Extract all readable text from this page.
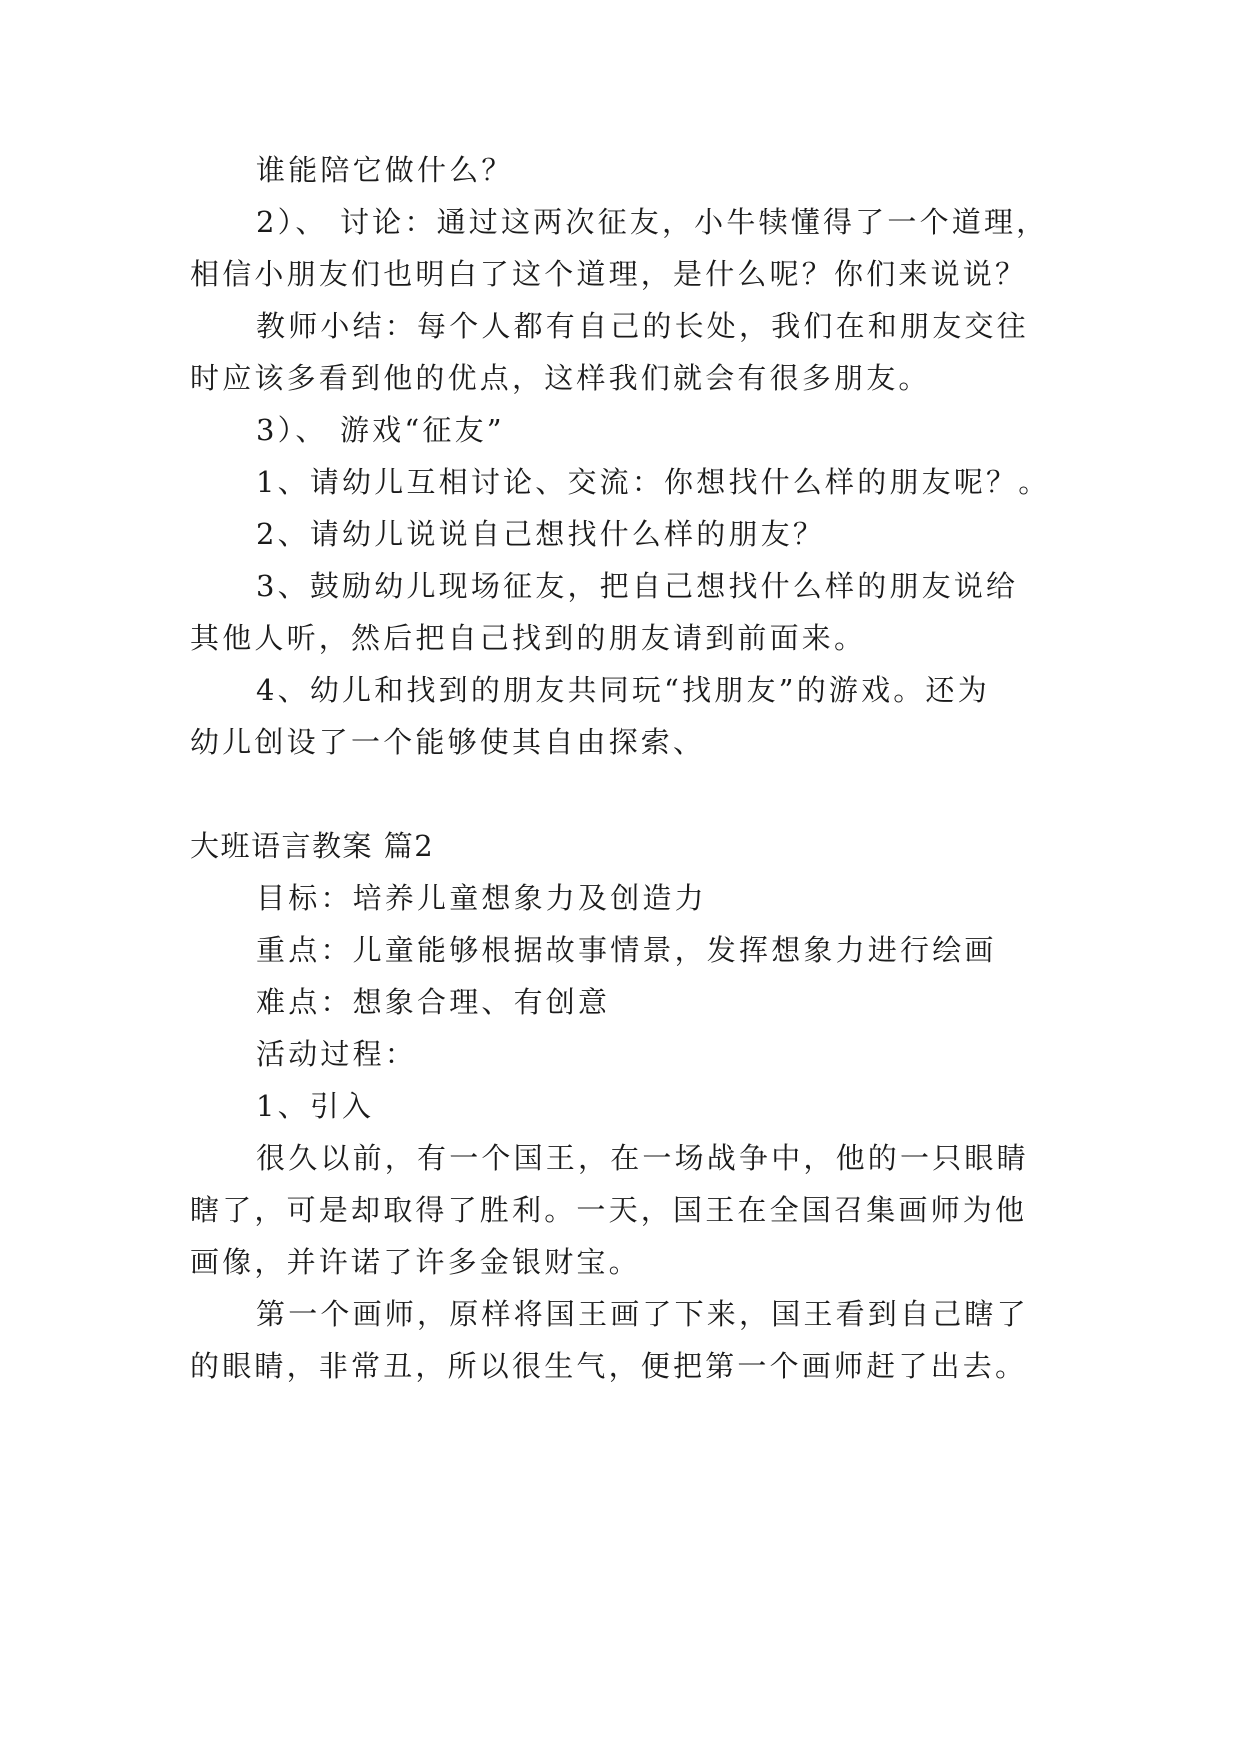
谁能陪它做什么？
2）、 讨论：通过这两次征友，小牛犊懂得了一个道理，
相信小朋友们也明白了这个道理，是什么呢？你们来说说？
教师小结：每个人都有自己的长处，我们在和朋友交往
时应该多看到他的优点，这样我们就会有很多朋友。
3）、 游戏“征友”
1、请幼儿互相讨论、交流：你想找什么样的朋友呢？。
2、请幼儿说说自己想找什么样的朋友？
3、鼓励幼儿现场征友，把自己想找什么样的朋友说给
其他人听，然后把自己找到的朋友请到前面来。
4、幼儿和找到的朋友共同玩“找朋友”的游戏。还为
幼儿创设了一个能够使其自由探索、
大班语言教案 篇2
目标：培养儿童想象力及创造力
重点：儿童能够根据故事情景，发挥想象力进行绘画
难点：想象合理、有创意
活动过程：
1、引入
很久以前，有一个国王，在一场战争中，他的一只眼睛
瞎了，可是却取得了胜利。一天，国王在全国召集画师为他
画像，并许诺了许多金银财宝。
第一个画师，原样将国王画了下来，国王看到自己瞎了
的眼睛，非常丑，所以很生气，便把第一个画师赶了出去。
